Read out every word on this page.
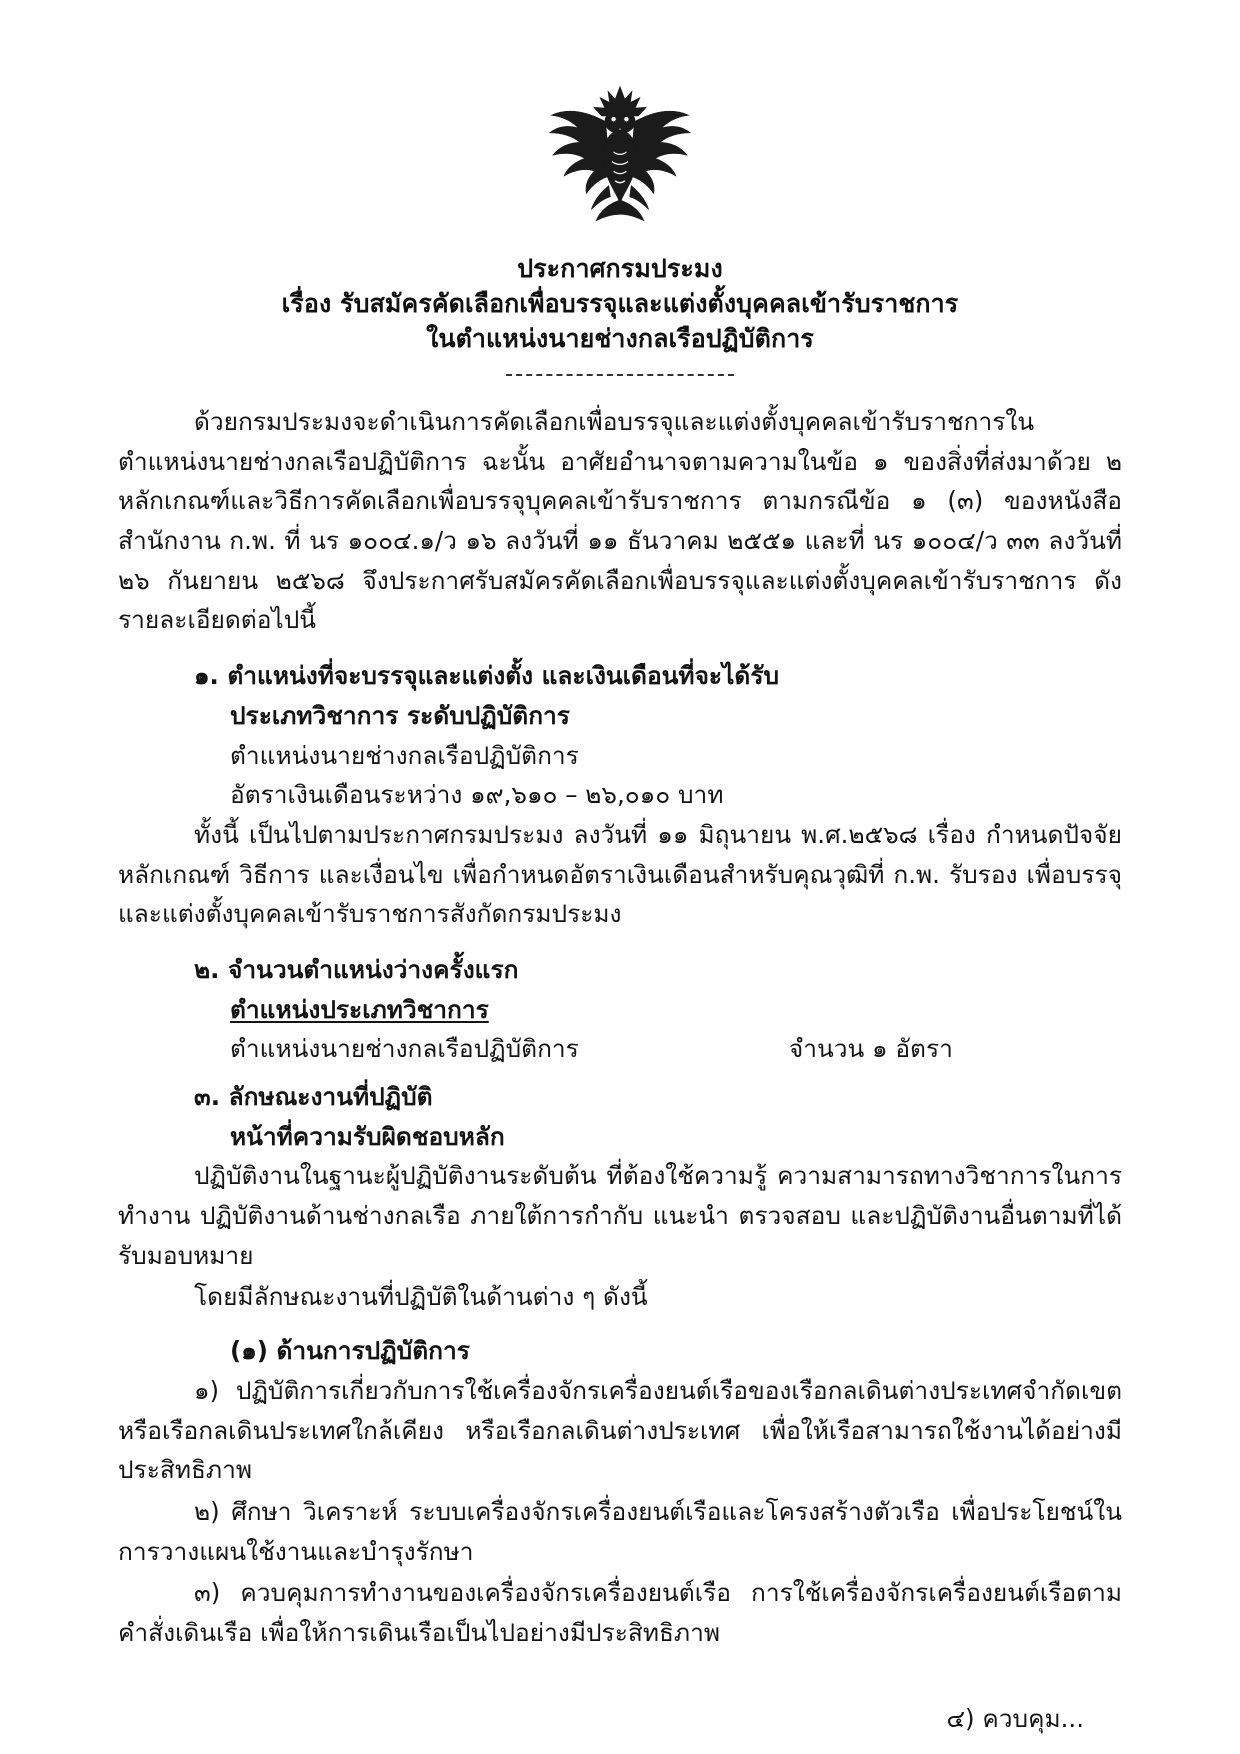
ประกาศกรมประมง
เรื่อง รับสมัครคัดเลือกเพื่อบรรจุและแต่งตั้งบุคคลเข้ารับราชการ
ในตำแหน่งนายช่างกลเรือปฏิบัติการ

ด้วยกรมประมงจะดำเนินการคัดเลือกเพื่อบรรจุและแต่งตั้งบุคคลเข้ารับราชการในตำแหน่งนายช่างกลเรือปฏิบัติการ ฉะนั้น อาศัยอำนาจตามความในข้อ ๑ ของสิ่งที่ส่งมาด้วย ๒ หลักเกณฑ์และวิธีการคัดเลือกเพื่อบรรจุบุคคลเข้ารับราชการ ตามกรณีข้อ ๑ (๓) ของหนังสือสำนักงาน ก.พ. ที่ นร ๑๐๐๔.๑/ว ๑๖ ลงวันที่ ๑๑ ธันวาคม ๒๕๕๑ และที่ นร ๑๐๐๔/ว ๓๓ ลงวันที่ ๒๖ กันยายน ๒๕๖๘ จึงประกาศรับสมัครคัดเลือกเพื่อบรรจุและแต่งตั้งบุคคลเข้ารับราชการ ดังรายละเอียดต่อไปนี้

๑. ตำแหน่งที่จะบรรจุและแต่งตั้ง และเงินเดือนที่จะได้รับ
ประเภทวิชาการ ระดับปฏิบัติการ
ตำแหน่งนายช่างกลเรือปฏิบัติการ
อัตราเงินเดือนระหว่าง ๑๙,๖๑๐ – ๒๖,๐๑๐ บาท

ทั้งนี้ เป็นไปตามประกาศกรมประมง ลงวันที่ ๑๑ มิถุนายน พ.ศ.๒๕๖๘ เรื่อง กำหนดปัจจัย หลักเกณฑ์ วิธีการ และเงื่อนไข เพื่อกำหนดอัตราเงินเดือนสำหรับคุณวุฒิที่ ก.พ. รับรอง เพื่อบรรจุและแต่งตั้งบุคคลเข้ารับราชการสังกัดกรมประมง

๒. จำนวนตำแหน่งว่างครั้งแรก
ตำแหน่งประเภทวิชาการ
ตำแหน่งนายช่างกลเรือปฏิบัติการ	จำนวน ๑ อัตรา
๓. ลักษณะงานที่ปฏิบัติ
หน้าที่ความรับผิดชอบหลัก

ปฏิบัติงานในฐานะผู้ปฏิบัติงานระดับต้น ที่ต้องใช้ความรู้ ความสามารถทางวิชาการในการทำงาน ปฏิบัติงานด้านช่างกลเรือ ภายใต้การกำกับ แนะนำ ตรวจสอบ และปฏิบัติงานอื่นตามที่ได้รับมอบหมาย

โดยมีลักษณะงานที่ปฏิบัติในด้านต่าง ๆ ดังนี้

(๑) ด้านการปฏิบัติการ

๑) ปฏิบัติการเกี่ยวกับการใช้เครื่องจักรเครื่องยนต์เรือของเรือกลเดินต่างประเทศจำกัดเขต หรือเรือกลเดินประเทศใกล้เคียง หรือเรือกลเดินต่างประเทศ เพื่อให้เรือสามารถใช้งานได้อย่างมีประสิทธิภาพ

๒) ศึกษา วิเคราะห์ ระบบเครื่องจักรเครื่องยนต์เรือและโครงสร้างตัวเรือ เพื่อประโยชน์ในการวางแผนใช้งานและบำรุงรักษา

๓) ควบคุมการทำงานของเครื่องจักรเครื่องยนต์เรือ การใช้เครื่องจักรเครื่องยนต์เรือตามคำสั่งเดินเรือ เพื่อให้การเดินเรือเป็นไปอย่างมีประสิทธิภาพ

๔) ควบคุม...
